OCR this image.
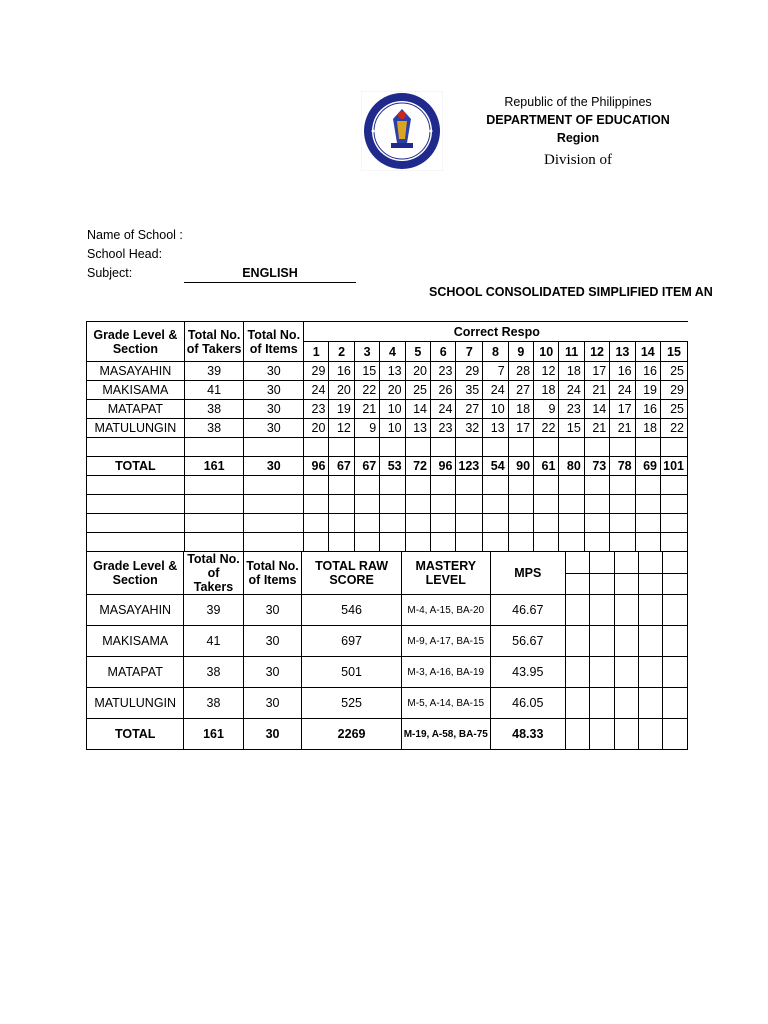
Republic of the Philippines
DEPARTMENT OF EDUCATION
Region
Division of
Name of School :
School Head:
Subject:	ENGLISH
SCHOOL CONSOLIDATED SIMPLIFIED ITEM AN
Grade Level & Section	Total No. of Takers	Total No. of Items	Correct Respo														
			1	2	3	4	5	6	7	8	9	10	11	12	13	14	15
MASAYAHIN	39	30	29	16	15	13	20	23	29	7	28	12	18	17	16	16	25
MAKISAMA	41	30	24	20	22	20	25	26	35	24	27	18	24	21	24	19	29
MATAPAT	38	30	23	19	21	10	14	24	27	10	18	9	23	14	17	16	25
MATULUNGIN	38	30	20	12	9	10	13	23	32	13	17	22	15	21	21	18	22

TOTAL	161	30	96	67	67	53	72	96	123	54	90	61	80	73	78	69	101

Grade Level & Section	Total No. of Takers	Total No. of Items	TOTAL RAW SCORE	MASTERY LEVEL	MPS					

MASAYAHIN	39	30	546	M-4, A-15, BA-20	46.67					
MAKISAMA	41	30	697	M-9, A-17, BA-15	56.67					
MATAPAT	38	30	501	M-3, A-16, BA-19	43.95					
MATULUNGIN	38	30	525	M-5, A-14, BA-15	46.05					
TOTAL	161	30	2269	M-19, A-58, BA-75	48.33					
